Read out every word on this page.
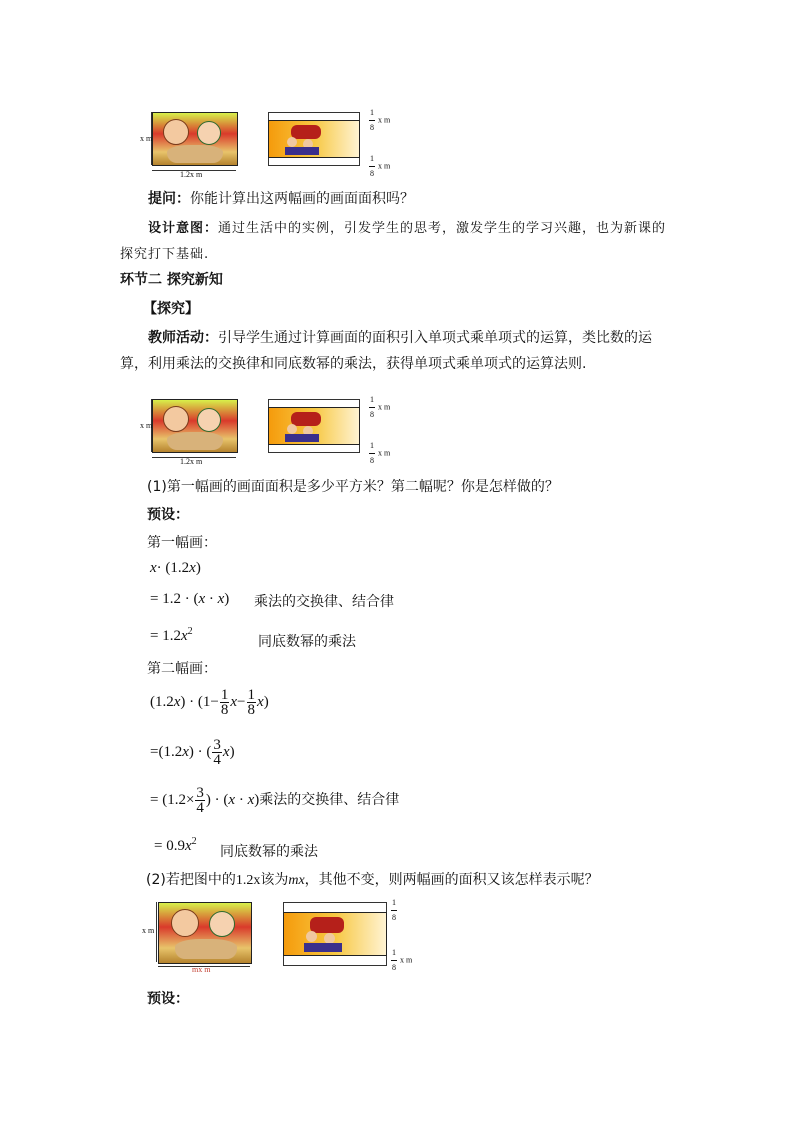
x m
1.2x m
$\frac{1}{8}$ x m
$\frac{1}{8}$ x m
提问：你能计算出这两幅画的画面面积吗？
设计意图：通过生活中的实例，引发学生的思考，激发学生的学习兴趣，也为新课的
探究打下基础.
环节二 探究新知
【探究】
教师活动：引导学生通过计算画面的面积引入单项式乘单项式的运算，类比数的运
算，利用乘法的交换律和同底数幂的乘法，获得单项式乘单项式的运算法则.
x m
1.2x m
$\frac{1}{8}$ x m
$\frac{1}{8}$ x m
(1)第一幅画的画面面积是多少平方米？第二幅呢？你是怎样做的？
预设：
第一幅画：
x· (1.2x)
= 1.2 · (x · x) 乘法的交换律、结合律
= $1.2x^2$
同底数幂的乘法
第二幅画：
$(1.2x) \cdot (1- \frac{1}{8} x- \frac{1}{8} x)$
=(1.2x) · ( $\frac{3}{4} x$)
= ($1.2\times \frac{3}{4}$ ) · (x · x)乘法的交换律、结合律
= $0.9x^2$
同底数幂的乘法
(2)若把图中的1.2x该为mx，其他不变，则两幅画的面积又该怎样表示呢？
x m
mx m
$\frac{1}{8}$
$\frac{1}{8}$ x m
预设：
